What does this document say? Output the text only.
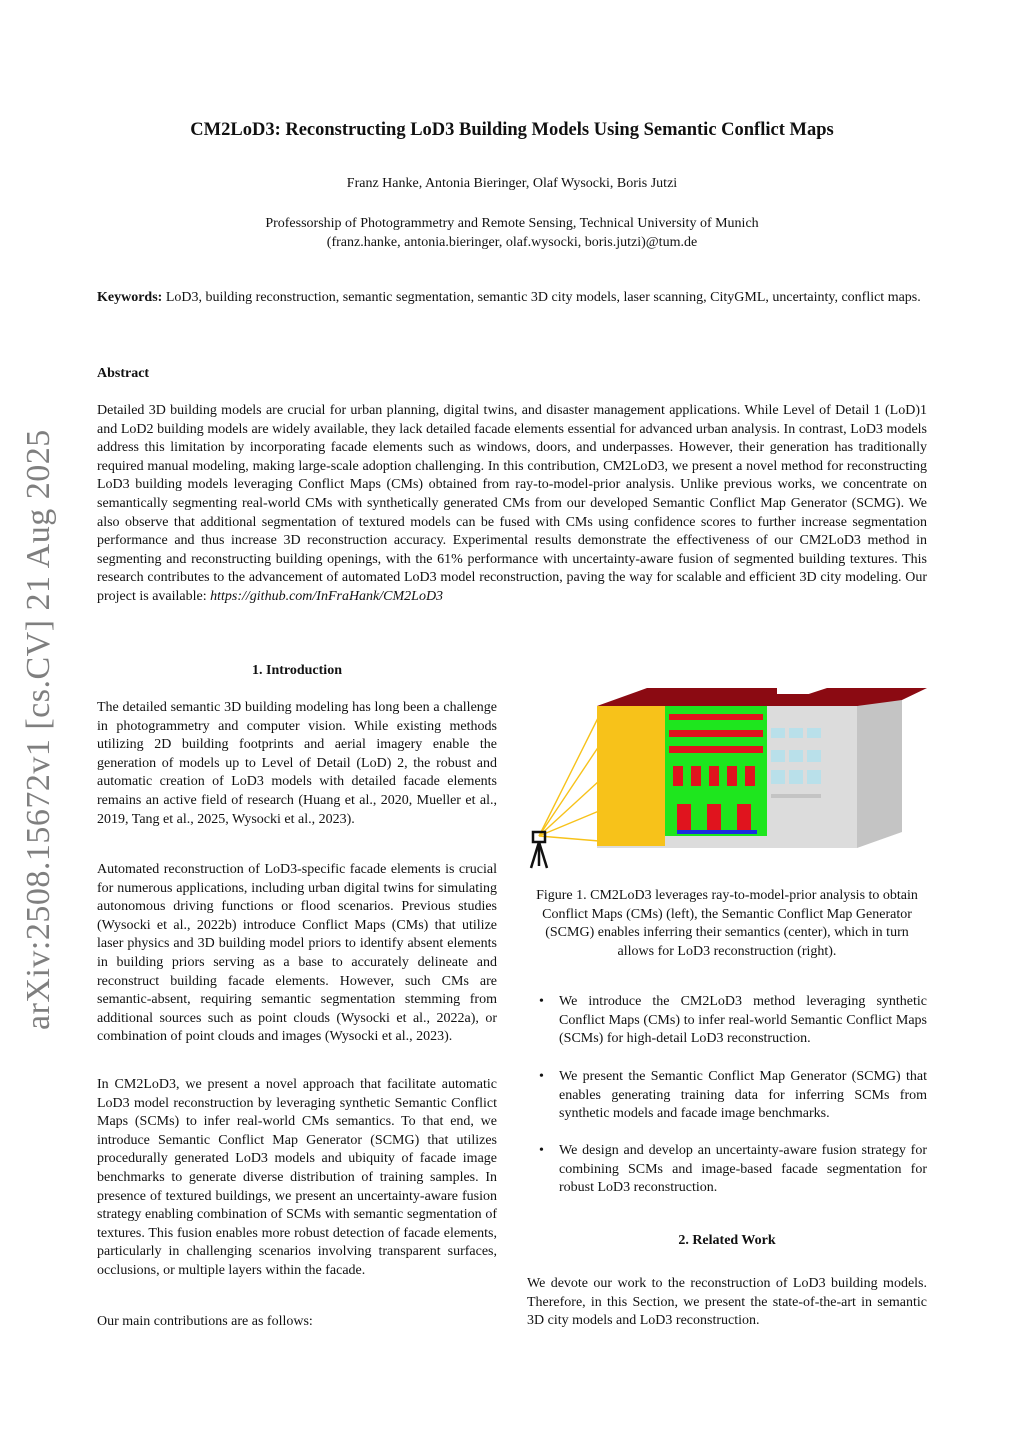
arXiv:2508.15672v1 [cs.CV] 21 Aug 2025
CM2LoD3: Reconstructing LoD3 Building Models Using Semantic Conflict Maps
Franz Hanke, Antonia Bieringer, Olaf Wysocki, Boris Jutzi
Professorship of Photogrammetry and Remote Sensing, Technical University of Munich
(franz.hanke, antonia.bieringer, olaf.wysocki, boris.jutzi)@tum.de
Keywords: LoD3, building reconstruction, semantic segmentation, semantic 3D city models, laser scanning, CityGML, uncertainty, conflict maps.
Abstract
Detailed 3D building models are crucial for urban planning, digital twins, and disaster management applications. While Level of Detail 1 (LoD)1 and LoD2 building models are widely available, they lack detailed facade elements essential for advanced urban analysis. In contrast, LoD3 models address this limitation by incorporating facade elements such as windows, doors, and underpasses. However, their generation has traditionally required manual modeling, making large-scale adoption challenging. In this contribution, CM2LoD3, we present a novel method for reconstructing LoD3 building models leveraging Conflict Maps (CMs) obtained from ray-to-model-prior analysis. Unlike previous works, we concentrate on semantically segmenting real-world CMs with synthetically generated CMs from our developed Semantic Conflict Map Generator (SCMG). We also observe that additional segmentation of textured models can be fused with CMs using confidence scores to further increase segmentation performance and thus increase 3D reconstruction accuracy. Experimental results demonstrate the effectiveness of our CM2LoD3 method in segmenting and reconstructing building openings, with the 61% performance with uncertainty-aware fusion of segmented building textures. This research contributes to the advancement of automated LoD3 model reconstruction, paving the way for scalable and efficient 3D city modeling. Our project is available: https://github.com/InFraHank/CM2LoD3
1. Introduction

The detailed semantic 3D building modeling has long been a challenge in photogrammetry and computer vision. While existing methods utilizing 2D building footprints and aerial imagery enable the generation of models up to Level of Detail (LoD) 2, the robust and automatic creation of LoD3 models with detailed facade elements remains an active field of research (Huang et al., 2020, Mueller et al., 2019, Tang et al., 2025, Wysocki et al., 2023).

Automated reconstruction of LoD3-specific facade elements is crucial for numerous applications, including urban digital twins for simulating autonomous driving functions or flood scenarios. Previous studies (Wysocki et al., 2022b) introduce Conflict Maps (CMs) that utilize laser physics and 3D building model priors to identify absent elements in building priors serving as a base to accurately delineate and reconstruct building facade elements. However, such CMs are semantic-absent, requiring semantic segmentation stemming from additional sources such as point clouds (Wysocki et al., 2022a), or combination of point clouds and images (Wysocki et al., 2023).

In CM2LoD3, we present a novel approach that facilitate automatic LoD3 model reconstruction by leveraging synthetic Semantic Conflict Maps (SCMs) to infer real-world CMs semantics. To that end, we introduce Semantic Conflict Map Generator (SCMG) that utilizes procedurally generated LoD3 models and ubiquity of facade image benchmarks to generate diverse distribution of training samples. In presence of textured buildings, we present an uncertainty-aware fusion strategy enabling combination of SCMs with semantic segmentation of textures. This fusion enables more robust detection of facade elements, particularly in challenging scenarios involving transparent surfaces, occlusions, or multiple layers within the facade.

Our main contributions are as follows:

Figure 1. CM2LoD3 leverages ray-to-model-prior analysis to obtain Conflict Maps (CMs) (left), the Semantic Conflict Map Generator (SCMG) enables inferring their semantics (center), which in turn allows for LoD3 reconstruction (right).
• We introduce the CM2LoD3 method leveraging synthetic Conflict Maps (CMs) to infer real-world Semantic Conflict Maps (SCMs) for high-detail LoD3 reconstruction.
• We present the Semantic Conflict Map Generator (SCMG) that enables generating training data for inferring SCMs from synthetic models and facade image benchmarks.
• We design and develop an uncertainty-aware fusion strategy for combining SCMs and image-based facade segmentation for robust LoD3 reconstruction.
2. Related Work

We devote our work to the reconstruction of LoD3 building models. Therefore, in this Section, we present the state-of-the-art in semantic 3D city models and LoD3 reconstruction.
